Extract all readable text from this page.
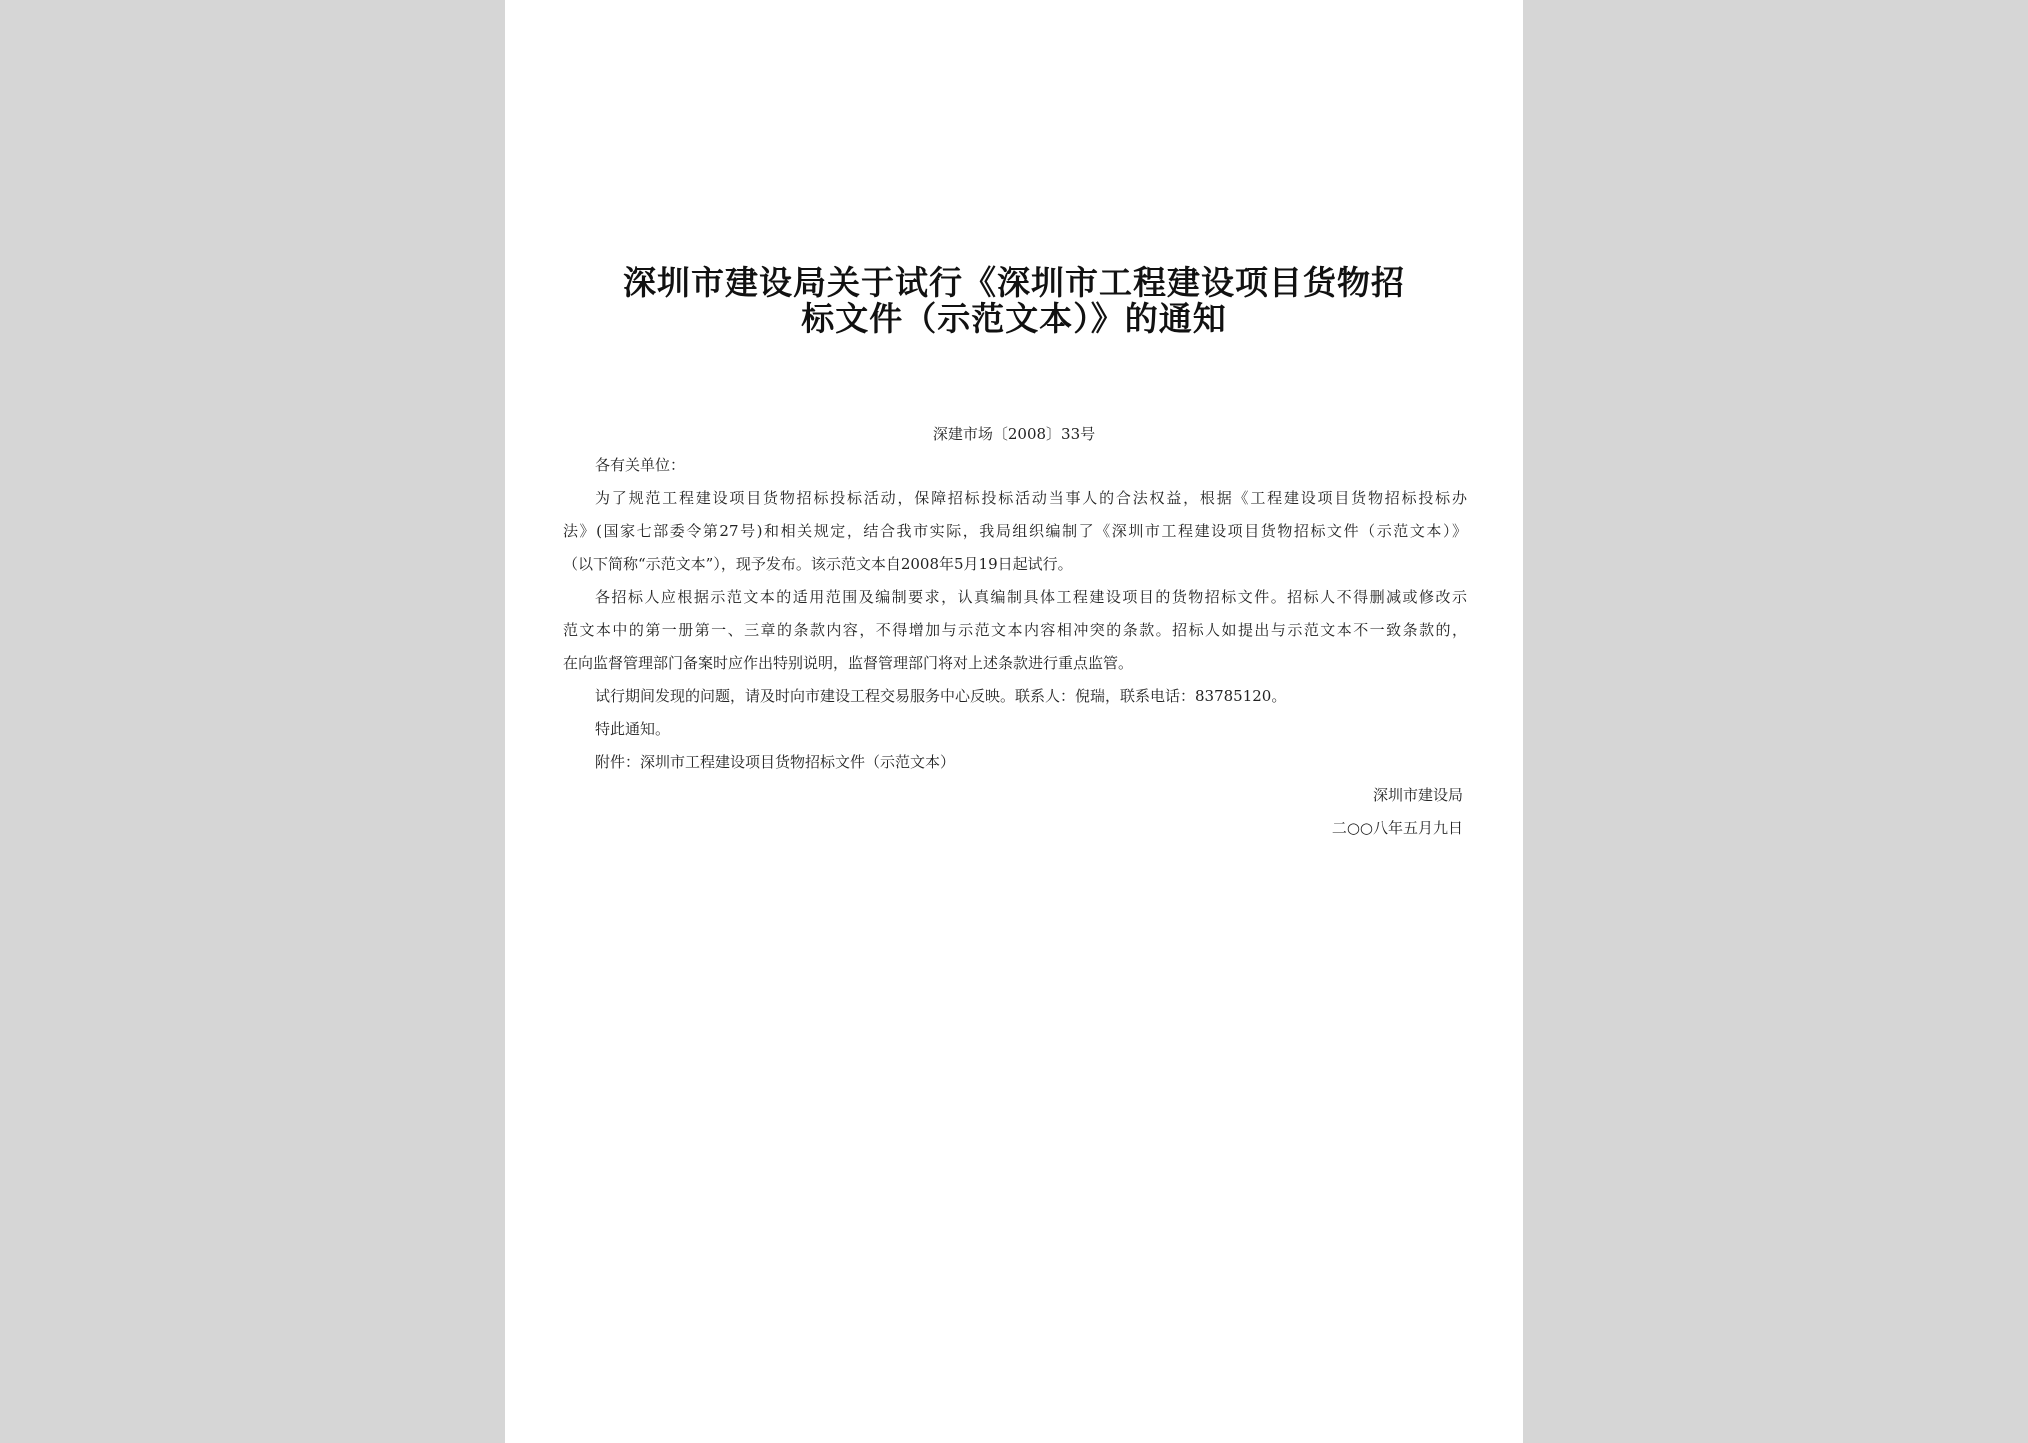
深圳市建设局关于试行《深圳市工程建设项目货物招
标文件（示范文本）》的通知
深建市场〔2008〕33号
各有关单位：
为了规范工程建设项目货物招标投标活动，保障招标投标活动当事人的合法权益，根据《工程建设项目货物招标投标办
法》(国家七部委令第27号)和相关规定，结合我市实际，我局组织编制了《深圳市工程建设项目货物招标文件（示范文本）》
（以下简称“示范文本”），现予发布。该示范文本自2008年5月19日起试行。
各招标人应根据示范文本的适用范围及编制要求，认真编制具体工程建设项目的货物招标文件。招标人不得删减或修改示
范文本中的第一册第一、三章的条款内容，不得增加与示范文本内容相冲突的条款。招标人如提出与示范文本不一致条款的，
在向监督管理部门备案时应作出特别说明，监督管理部门将对上述条款进行重点监管。
试行期间发现的问题，请及时向市建设工程交易服务中心反映。联系人：倪瑞，联系电话：83785120。
特此通知。
附件：深圳市工程建设项目货物招标文件（示范文本）
深圳市建设局
二○○八年五月九日
